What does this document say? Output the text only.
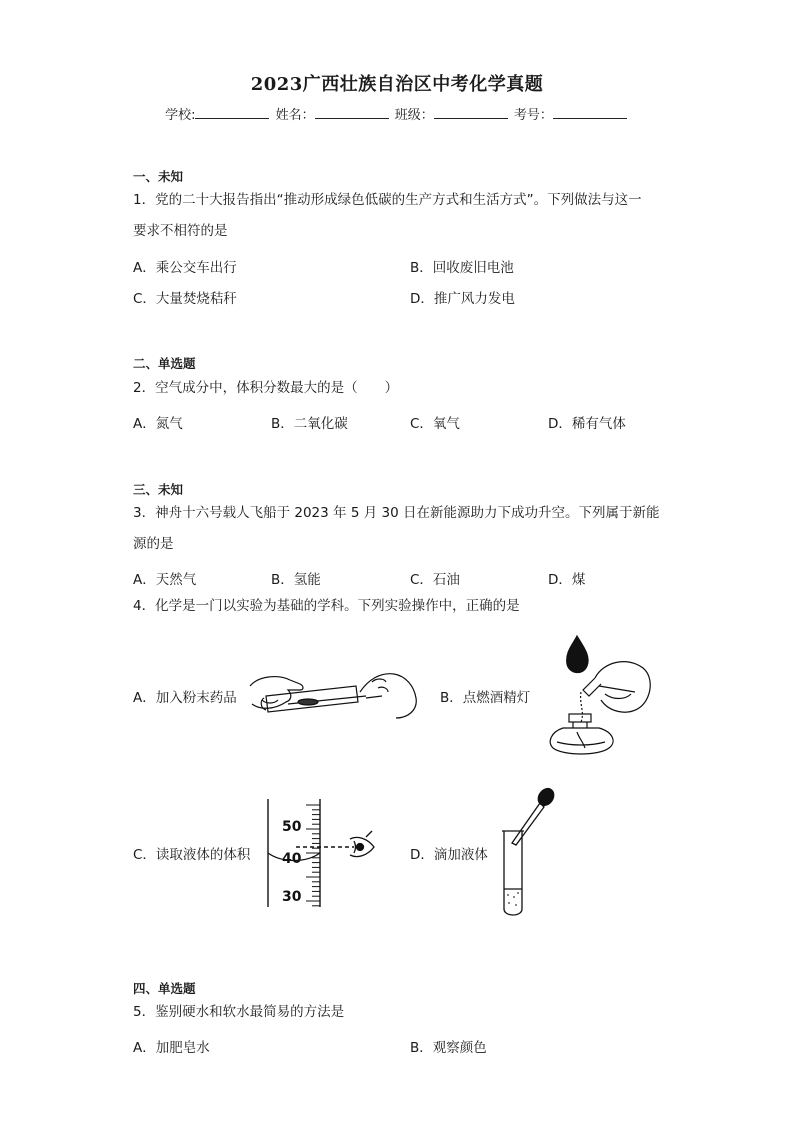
2023广西壮族自治区中考化学真题
学校:	姓名：	班级：	考号：
一、未知
1．党的二十大报告指出“推动形成绿色低碳的生产方式和生活方式”。下列做法与这一
要求不相符的是
A．乘公交车出行	B．回收废旧电池
C．大量焚烧秸秆	D．推广风力发电
二、单选题
2．空气成分中，体积分数最大的是（　　）
A．氮气	B．二氧化碳	C．氧气	D．稀有气体
三、未知
3．神舟十六号载人飞船于 2023 年 5 月 30 日在新能源助力下成功升空。下列属于新能
源的是
A．天然气	B．氢能	C．石油	D．煤
4．化学是一门以实验为基础的学科。下列实验操作中，正确的是
A．加入粉末药品	B．点燃酒精灯
C．读取液体的体积
50
40
30
D．滴加液体
四、单选题
5．鉴别硬水和软水最简易的方法是
A．加肥皂水	B．观察颜色
